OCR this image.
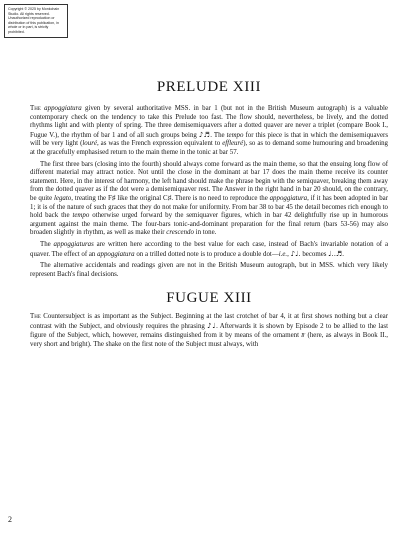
Copyright © 2025 by Monkchain Studio. All rights reserved. Unauthorized reproduction or distribution of this publication, in whole or in part, is strictly prohibited.
PRELUDE XIII

The appoggiatura given by several authoritative MSS. in bar 1 (but not in the British Museum autograph) is a valuable contemporary check on the tendency to take this Prelude too fast. The flow should, nevertheless, be lively, and the dotted rhythms light and with plenty of spring. The three demisemiquavers after a dotted quaver are never a triplet (compare Book I., Fugue V.), the rhythm of bar 1 and of all such groups being ♪♬. The tempo for this piece is that in which the demisemiquavers will be very light (louré, as was the French expression equivalent to effleuré), so as to demand some humouring and broadening at the gracefully emphasised return to the main theme in the tonic at bar 57.

The first three bars (closing into the fourth) should always come forward as the main theme, so that the ensuing long flow of different material may attract notice. Not until the close in the dominant at bar 17 does the main theme receive its counter statement. Here, in the interest of harmony, the left hand should make the phrase begin with the semiquaver, breaking them away from the dotted quaver as if the dot were a demisemiquaver rest. The Answer in the right hand in bar 20 should, on the contrary, be quite legato, treating the F♯ like the original C♯. There is no need to reproduce the appoggiatura, if it has been adopted in bar 1; it is of the nature of such graces that they do not make for uniformity. From bar 38 to bar 45 the detail becomes rich enough to hold back the tempo otherwise urged forward by the semiquaver figures, which in bar 42 delightfully rise up in humorous argument against the main theme. The four-bars tonic-and-dominant preparation for the final return (bars 53-56) may also broaden slightly in rhythm, as well as make their crescendo in tone.

The appoggiaturas are written here according to the best value for each case, instead of Bach's invariable notation of a quaver. The effect of an appoggiatura on a trilled dotted note is to produce a double dot—i.e., ♪♩. becomes ♩..♬.

The alternative accidentals and readings given are not in the British Museum autograph, but in MSS. which very likely represent Bach's final decisions.

FUGUE XIII

The Countersubject is as important as the Subject. Beginning at the last crotchet of bar 4, it at first shows nothing but a clear contrast with the Subject, and obviously requires the phrasing ♪♩. Afterwards it is shown by Episode 2 to be allied to the last figure of the Subject, which, however, remains distinguished from it by means of the ornament 𝆖 (here, as always in Book II., very short and bright). The shake on the first note of the Subject must always, with

2
